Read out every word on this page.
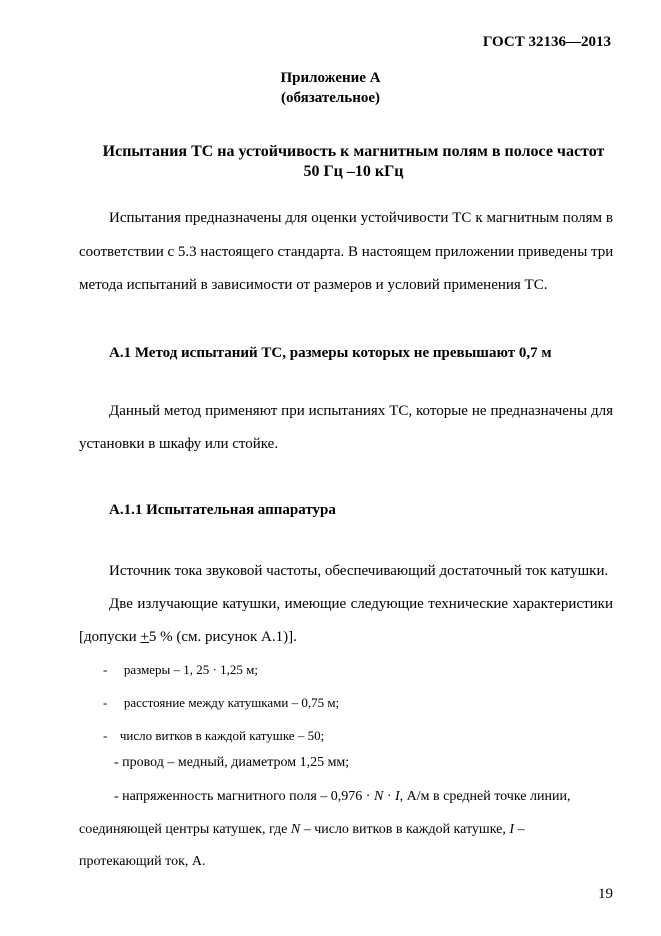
ГОСТ 32136—2013
Приложение А
(обязательное)
Испытания ТС на устойчивость к магнитным полям в полосе частот
50 Гц –10 кГц
Испытания предназначены для оценки устойчивости ТС к магнитным полям в
соответствии с 5.3 настоящего стандарта. В настоящем приложении приведены три
метода испытаний в зависимости от размеров и условий применения ТС.
А.1 Метод испытаний ТС, размеры которых не превышают 0,7 м
Данный метод применяют при испытаниях ТС, которые не предназначены для
установки в шкафу или стойке.
А.1.1 Испытательная аппаратура
Источник тока звуковой частоты, обеспечивающий достаточный ток катушки.
Две излучающие катушки, имеющие следующие технические характеристики
[допуски +5 % (см. рисунок А.1)].
- размеры – 1, 25 · 1,25 м;
- расстояние между катушками – 0,75 м;
- число витков в каждой катушке – 50;
- провод – медный, диаметром 1,25 мм;
- напряженность магнитного поля – 0,976 · N · I, А/м в средней точке линии,
соединяющей центры катушек, где N – число витков в каждой катушке, I –
протекающий ток, А.
19
